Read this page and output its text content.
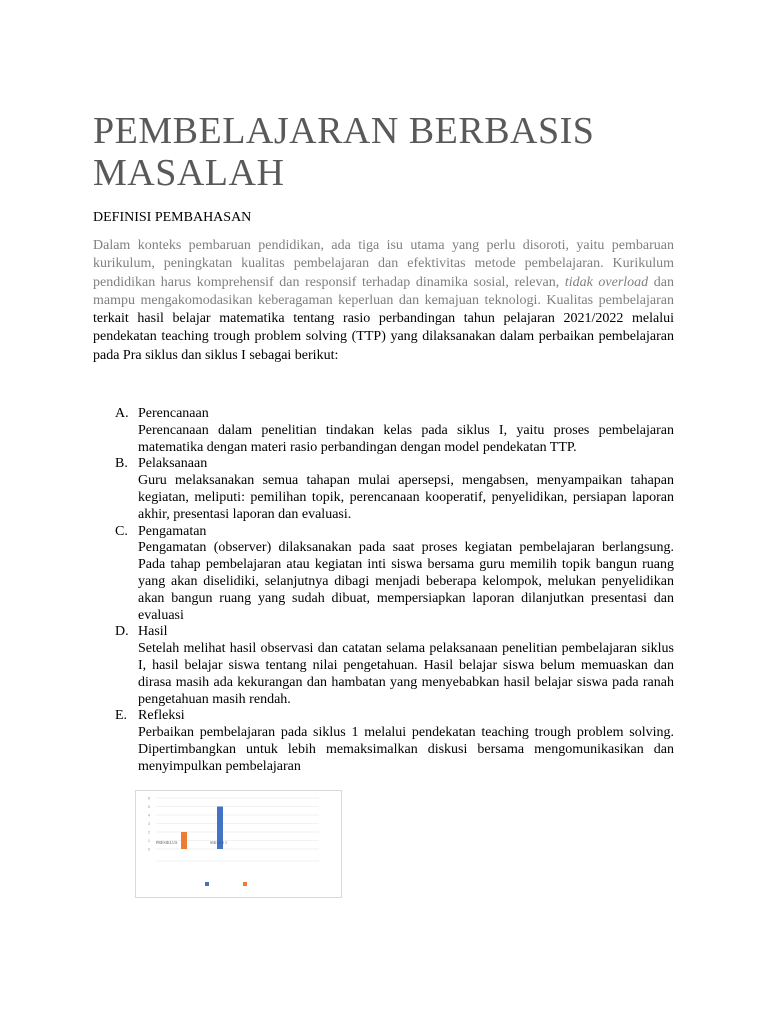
PEMBELAJARAN BERBASIS MASALAH
DEFINISI PEMBAHASAN

Dalam konteks pembaruan pendidikan, ada tiga isu utama yang perlu disoroti, yaitu pembaruan kurikulum, peningkatan kualitas pembelajaran dan efektivitas metode pembelajaran. Kurikulum pendidikan harus komprehensif dan responsif terhadap dinamika sosial, relevan, tidak overload dan mampu mengakomodasikan keberagaman keperluan dan kemajuan teknologi. Kualitas pembelajaran terkait hasil belajar matematika tentang rasio perbandingan tahun pelajaran 2021/2022 melalui pendekatan teaching trough problem solving (TTP) yang dilaksanakan dalam perbaikan pembelajaran pada Pra siklus dan siklus I sebagai berikut:

A. Perencanaan
Perencanaan dalam penelitian tindakan kelas pada siklus I, yaitu proses pembelajaran matematika dengan materi rasio perbandingan dengan model pendekatan TTP.
B. Pelaksanaan
Guru melaksanakan semua tahapan mulai apersepsi, mengabsen, menyampaikan tahapan kegiatan, meliputi: pemilihan topik, perencanaan kooperatif, penyelidikan, persiapan laporan akhir, presentasi laporan dan evaluasi.
C. Pengamatan
Pengamatan (observer) dilaksanakan pada saat proses kegiatan pembelajaran berlangsung. Pada tahap pembelajaran atau kegiatan inti siswa bersama guru memilih topik bangun ruang yang akan diselidiki, selanjutnya dibagi menjadi beberapa kelompok, melukan penyelidikan akan bangun ruang yang sudah dibuat, mempersiapkan laporan dilanjutkan presentasi dan evaluasi
D. Hasil
Setelah melihat hasil observasi dan catatan selama pelaksanaan penelitian pembelajaran siklus I, hasil belajar siswa tentang nilai pengetahuan. Hasil belajar siswa belum memuaskan dan dirasa masih ada kekurangan dan hambatan yang menyebabkan hasil belajar siswa pada ranah pengetahuan masih rendah.
E. Refleksi
Perbaikan pembelajaran pada siklus 1 melalui pendekatan teaching trough problem solving. Dipertimbangkan untuk lebih memaksimalkan diskusi bersama mengomunikasikan dan menyimpulkan pembelajaran
0
1
2
3
4
5
6
PRESIKLUS	SIKLUS 1
